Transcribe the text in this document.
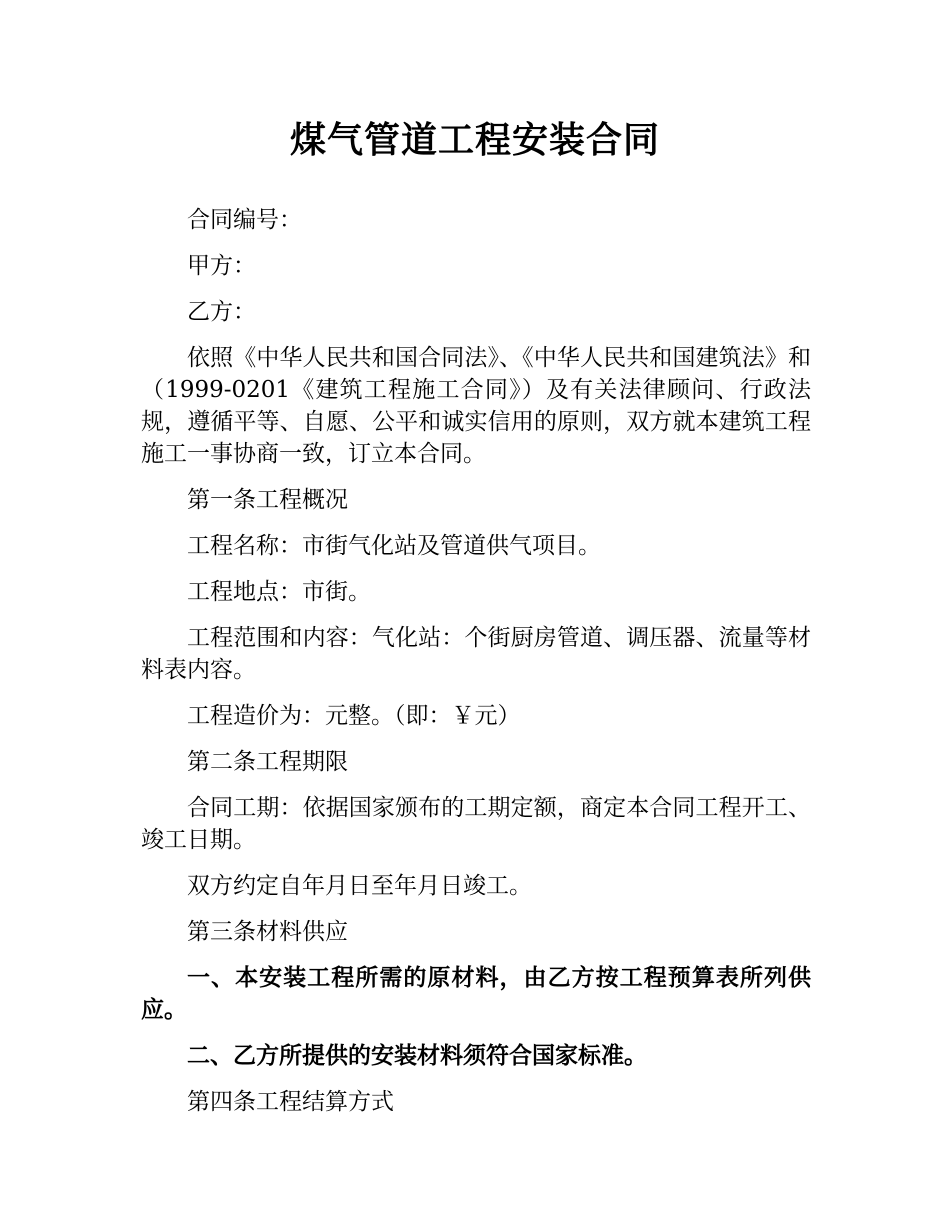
煤气管道工程安装合同

合同编号：

甲方：

乙方：

依照《中华人民共和国合同法》、《中华人民共和国建筑法》和（1999-0201《建筑工程施工合同》）及有关法律顾问、行政法规，遵循平等、自愿、公平和诚实信用的原则，双方就本建筑工程施工一事协商一致，订立本合同。

第一条工程概况

工程名称：市街气化站及管道供气项目。

工程地点：市街。

工程范围和内容：气化站：个街厨房管道、调压器、流量等材料表内容。

工程造价为：元整。（即：￥元）

第二条工程期限

合同工期：依据国家颁布的工期定额，商定本合同工程开工、竣工日期。

双方约定自年月日至年月日竣工。

第三条材料供应

一、本安装工程所需的原材料，由乙方按工程预算表所列供应。

二、乙方所提供的安装材料须符合国家标准。

第四条工程结算方式
